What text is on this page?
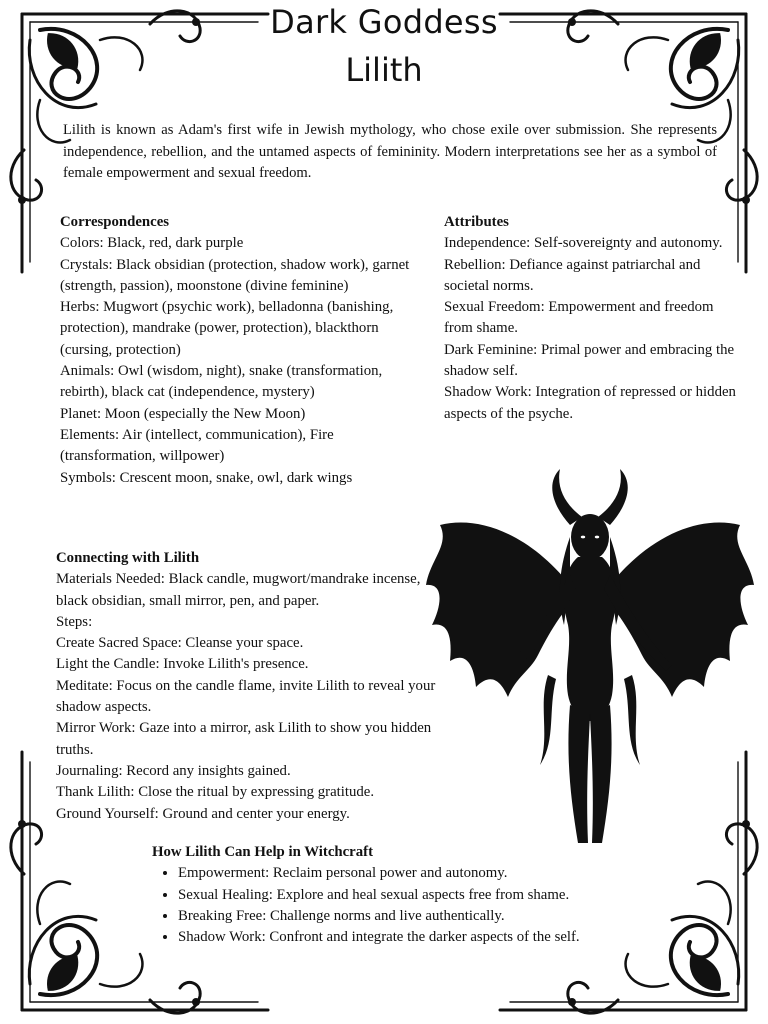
Dark Goddess
Lilith

Lilith is known as Adam's first wife in Jewish mythology, who chose exile over submission. She represents independence, rebellion, and the untamed aspects of femininity. Modern interpretations see her as a symbol of female empowerment and sexual freedom.

Correspondences

Colors: Black, red, dark purple

Crystals: Black obsidian (protection, shadow work), garnet (strength, passion), moonstone (divine feminine)

Herbs: Mugwort (psychic work), belladonna (banishing, protection), mandrake (power, protection), blackthorn (cursing, protection)

Animals: Owl (wisdom, night), snake (transformation, rebirth), black cat (independence, mystery)

Planet: Moon (especially the New Moon)

Elements: Air (intellect, communication), Fire (transformation, willpower)

Symbols: Crescent moon, snake, owl, dark wings

Attributes

Independence: Self-sovereignty and autonomy.

Rebellion: Defiance against patriarchal and societal norms.

Sexual Freedom: Empowerment and freedom from shame.

Dark Feminine: Primal power and embracing the shadow self.

Shadow Work: Integration of repressed or hidden aspects of the psyche.

Connecting with Lilith

Materials Needed: Black candle, mugwort/mandrake incense, black obsidian, small mirror, pen, and paper.

Steps:

Create Sacred Space: Cleanse your space.

Light the Candle: Invoke Lilith's presence.

Meditate: Focus on the candle flame, invite Lilith to reveal your shadow aspects.

Mirror Work: Gaze into a mirror, ask Lilith to show you hidden truths.

Journaling: Record any insights gained.

Thank Lilith: Close the ritual by expressing gratitude.

Ground Yourself: Ground and center your energy.

How Lilith Can Help in Witchcraft
• Empowerment: Reclaim personal power and autonomy.
• Sexual Healing: Explore and heal sexual aspects free from shame.
• Breaking Free: Challenge norms and live authentically.
• Shadow Work: Confront and integrate the darker aspects of the self.
